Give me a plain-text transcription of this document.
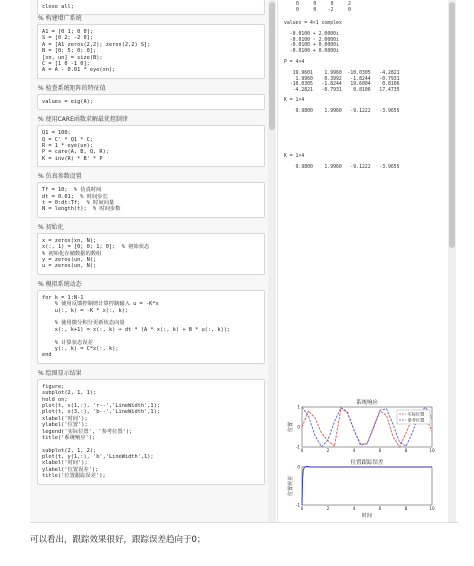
close all;
% 构建增广系统
A1 = [0 1; 0 0];
S = [0 2; -2 0];
A = [A1 zeros(2,2); zeros(2,2) S];
B = [0; 5; 0; 0];
[xn, un] = size(B);
C = [1 0 -1 0];
A = A - 0.01 * eye(xn);
% 检查系统矩阵的特征值
values = eig(A);
% 使用CARE函数求解最优控制律
Q1 = 100;
Q = C' * Q1 * C;
R = 1 * eye(un);
P = care(A, B, Q, R);
K = inv(R) * B' * P
% 仿真参数设置
Tf = 10;  % 仿真时间
dt = 0.01;  % 时间步长
t = 0:dt:Tf;  % 时间向量
N = length(t);  % 时间步数
% 初始化
x = zeros(xn, N);
x(:, 1) = [0; 0; 1; 0];  % 初始状态
% 初始化存储数据的数组
y = zeros(un, N);
u = zeros(un, N);
% 模拟系统动态
for k = 1:N-1
% 使用反馈控制律计算控制输入 u = -K*x
u(:, k) = -K * x(:, k);
% 使用微分积分更新状态向量
x(:, k+1) = x(:, k) + dt * (A * x(:, k) + B * u(:, k));
% 计算状态误差
y(:, k) = C*x(:, k);
end
% 绘图显示结果
figure;
subplot(2, 1, 1);
hold on;
plot(t, x(1,:), 'r--','LineWidth',1);
plot(t, x(3,:), 'b--','LineWidth',1);
xlabel('时间');
ylabel('位置');
legend('实际位置', '参考位置');
title('系统响应');
subplot(2, 1, 2);
plot(t, y(1,:), 'b','LineWidth',1);
xlabel('时间');
ylabel('位置误差');
title('位置跟踪误差');
0     0     0     2
0     0    -2     0
values = 4×1 complex
-0.0100 + 2.0000i
-0.0100 - 2.0000i
-0.0100 + 0.0000i
-0.0100 + 0.0000i
P = 4×4
19.9601    1.9960  -10.0305   -4.2821
1.9960    0.3992   -1.8244   -0.7931
-10.0305   -1.8244   19.6004    0.8106
-4.2821   -0.7931    0.8106   17.4735
K = 1×4
9.9800    1.9960   -9.1222   -3.9655
K = 1×4
9.9800    1.9960   -9.1222   -3.9655
系统响应
位置
0	2	4	6	8	10
1
0
-1
实际位置
参考位置
位置跟踪误差
位置误差
时间
0	2	4	6	8	10
0
-1
可以看出，跟踪效果很好，跟踪误差趋向于0；
